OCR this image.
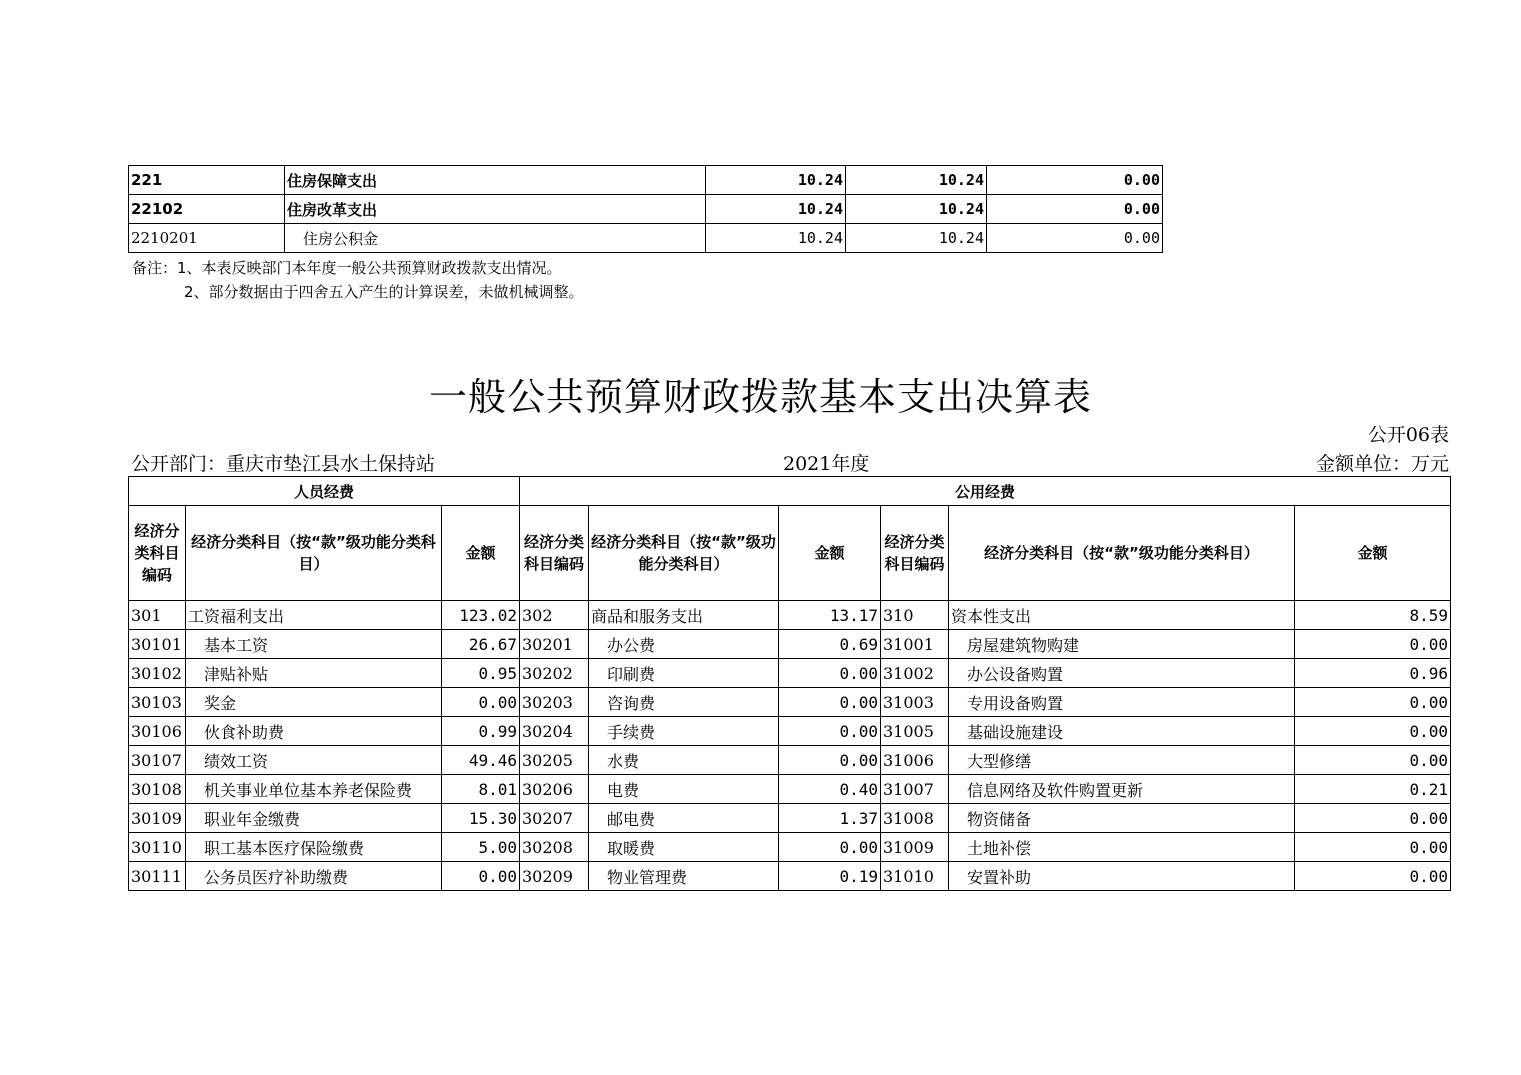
221	住房保障支出	10.24	10.24	0.00
22102	住房改革支出	10.24	10.24	0.00
2210201	住房公积金	10.24	10.24	0.00
备注：1、本表反映部门本年度一般公共预算财政拨款支出情况。
2、部分数据由于四舍五入产生的计算误差，未做机械调整。
一般公共预算财政拨款基本支出决算表
公开06表
公开部门：重庆市垫江县水土保持站	2021年度	金额单位：万元
人员经费			公用经费					
经济分类科目编码	经济分类科目（按“款”级功能分类科目）	金额	经济分类科目编码	经济分类科目（按“款”级功能分类科目）	金额	经济分类科目编码	经济分类科目（按“款”级功能分类科目）	金额
301	工资福利支出	123.02	302	商品和服务支出	13.17	310	资本性支出	8.59
30101	基本工资	26.67	30201	办公费	0.69	31001	房屋建筑物购建	0.00
30102	津贴补贴	0.95	30202	印刷费	0.00	31002	办公设备购置	0.96
30103	奖金	0.00	30203	咨询费	0.00	31003	专用设备购置	0.00
30106	伙食补助费	0.99	30204	手续费	0.00	31005	基础设施建设	0.00
30107	绩效工资	49.46	30205	水费	0.00	31006	大型修缮	0.00
30108	机关事业单位基本养老保险费	8.01	30206	电费	0.40	31007	信息网络及软件购置更新	0.21
30109	职业年金缴费	15.30	30207	邮电费	1.37	31008	物资储备	0.00
30110	职工基本医疗保险缴费	5.00	30208	取暖费	0.00	31009	土地补偿	0.00
30111	公务员医疗补助缴费	0.00	30209	物业管理费	0.19	31010	安置补助	0.00
